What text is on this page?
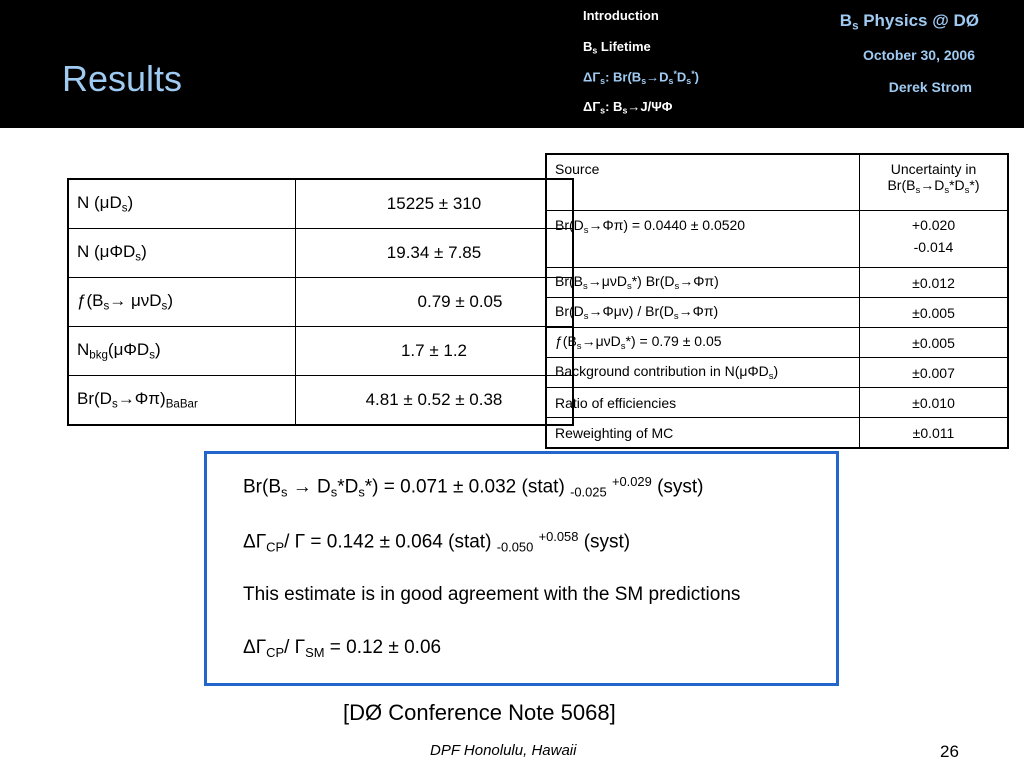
Results
Introduction
$B_s$ Lifetime
$\Delta\Gamma_s$: $Br(B_s\to D_s^*D_s^*)$
$\Delta\Gamma_s$: $B_s\to J/\Psi\Phi$
$B_s$ Physics @ DØ
October 30, 2006
Derek Strom
N $(\mu D_s)$	15225 ± 310
N (μΦD$_s$)	19.34 ± 7.85
$ƒ(B_s\to \mu\nu D_s)$	0.79 ± 0.05
$N_{bkg}(\mu\Phi D_s)$	1.7 ± 1.2
$Br(D_s\to\Phi\pi)_{BaBar}$	4.81 ± 0.52 ± 0.38
Source	Uncertainty in
$Br(B_s\to D_s*D_s*)$
$Br(D_s\to\Phi\pi) = 0.0440 \pm 0.0520$	+0.020
-0.014

$Br(B_s\to\mu\nu D_s*)$ $Br(D_s\to\Phi\pi)$	±0.012
$Br(D_s\to\Phi\mu\nu) / Br(D_s\to\Phi\pi)$	±0.005
$ƒ(B_s\to\mu\nu D_s*) = 0.79 \pm 0.05$	±0.005
Background contribution in N(μΦD$_s$)	±0.007
Ratio of efficiencies	±0.010
Reweighting of MC	±0.011
$Br(B_s \to D_s*D_s*) = 0.071 \pm 0.032$ (stat) $_{-0.025}$ $^{+0.029}$ (syst)
$\Delta\Gamma_{CP}/$ Γ = 0.142 ± 0.064 (stat) $_{-0.050}$ $^{+0.058}$ (syst)
This estimate is in good agreement with the SM predictions
$\Delta\Gamma_{CP}/$ $\Gamma_{SM} = 0.12 \pm 0.06$
[DØ Conference Note 5068]
DPF Honolulu, Hawaii	26
